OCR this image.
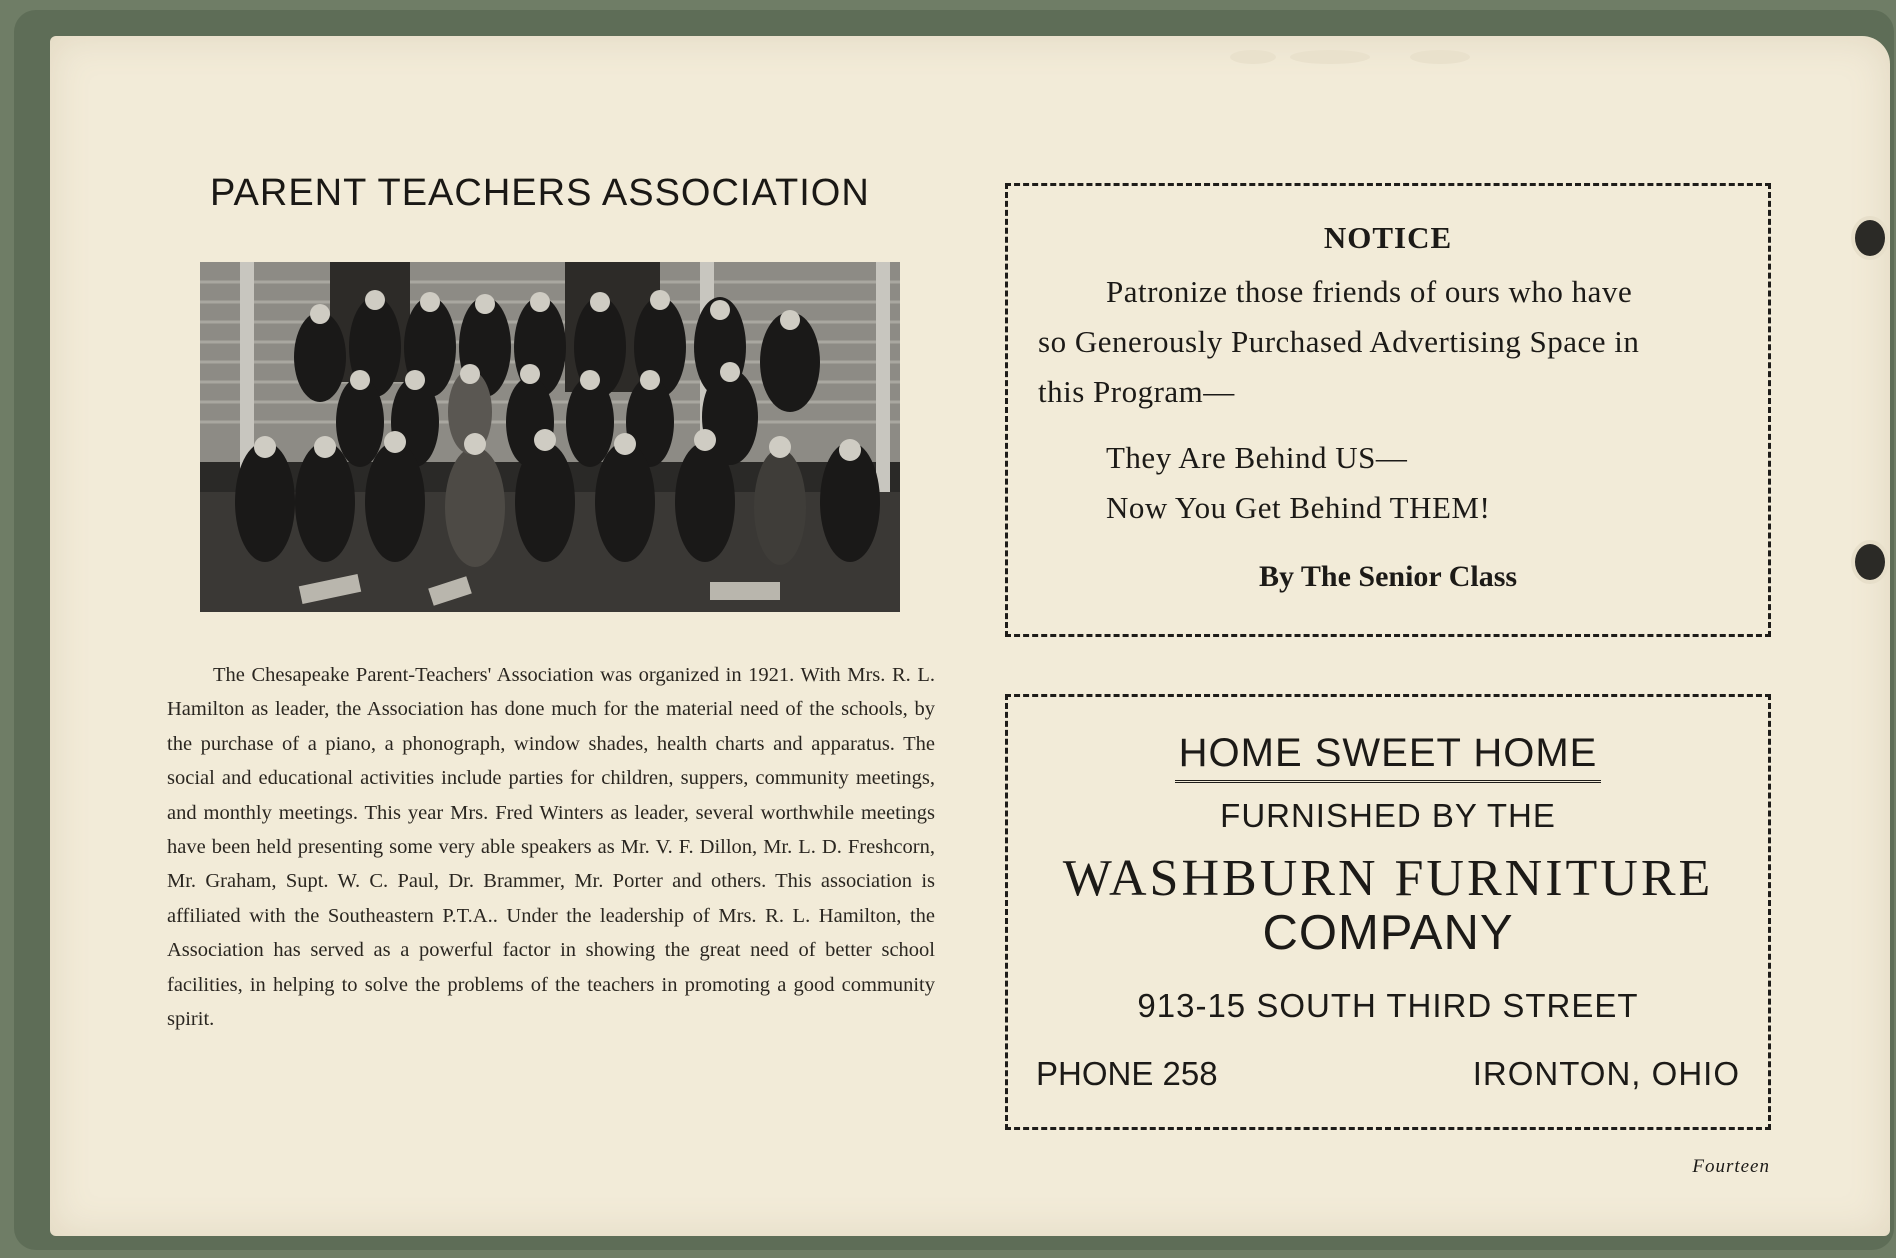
PARENT TEACHERS ASSOCIATION
The Chesapeake Parent-Teachers' Association was organized in 1921. With Mrs. R. L. Hamilton as leader, the Association has done much for the material need of the schools, by the purchase of a piano, a phonograph, window shades, health charts and apparatus. The social and educational activities include parties for children, suppers, community meetings, and monthly meetings. This year Mrs. Fred Winters as leader, several worthwhile meetings have been held presenting some very able speakers as Mr. V. F. Dillon, Mr. L. D. Freshcorn, Mr. Graham, Supt. W. C. Paul, Dr. Brammer, Mr. Porter and others. This association is affiliated with the Southeastern P.T.A.. Under the leadership of Mrs. R. L. Hamilton, the Association has served as a powerful factor in showing the great need of better school facilities, in helping to solve the problems of the teachers in promoting a good community spirit.
NOTICE
Patronize those friends of ours who have
so Generously Purchased Advertising Space in
this Program—
They Are Behind US—
Now You Get Behind THEM!
By The Senior Class
HOME SWEET HOME
FURNISHED BY THE
WASHBURN FURNITURE
COMPANY
913-15 SOUTH THIRD STREET
PHONE 258	IRONTON, OHIO
Fourteen
